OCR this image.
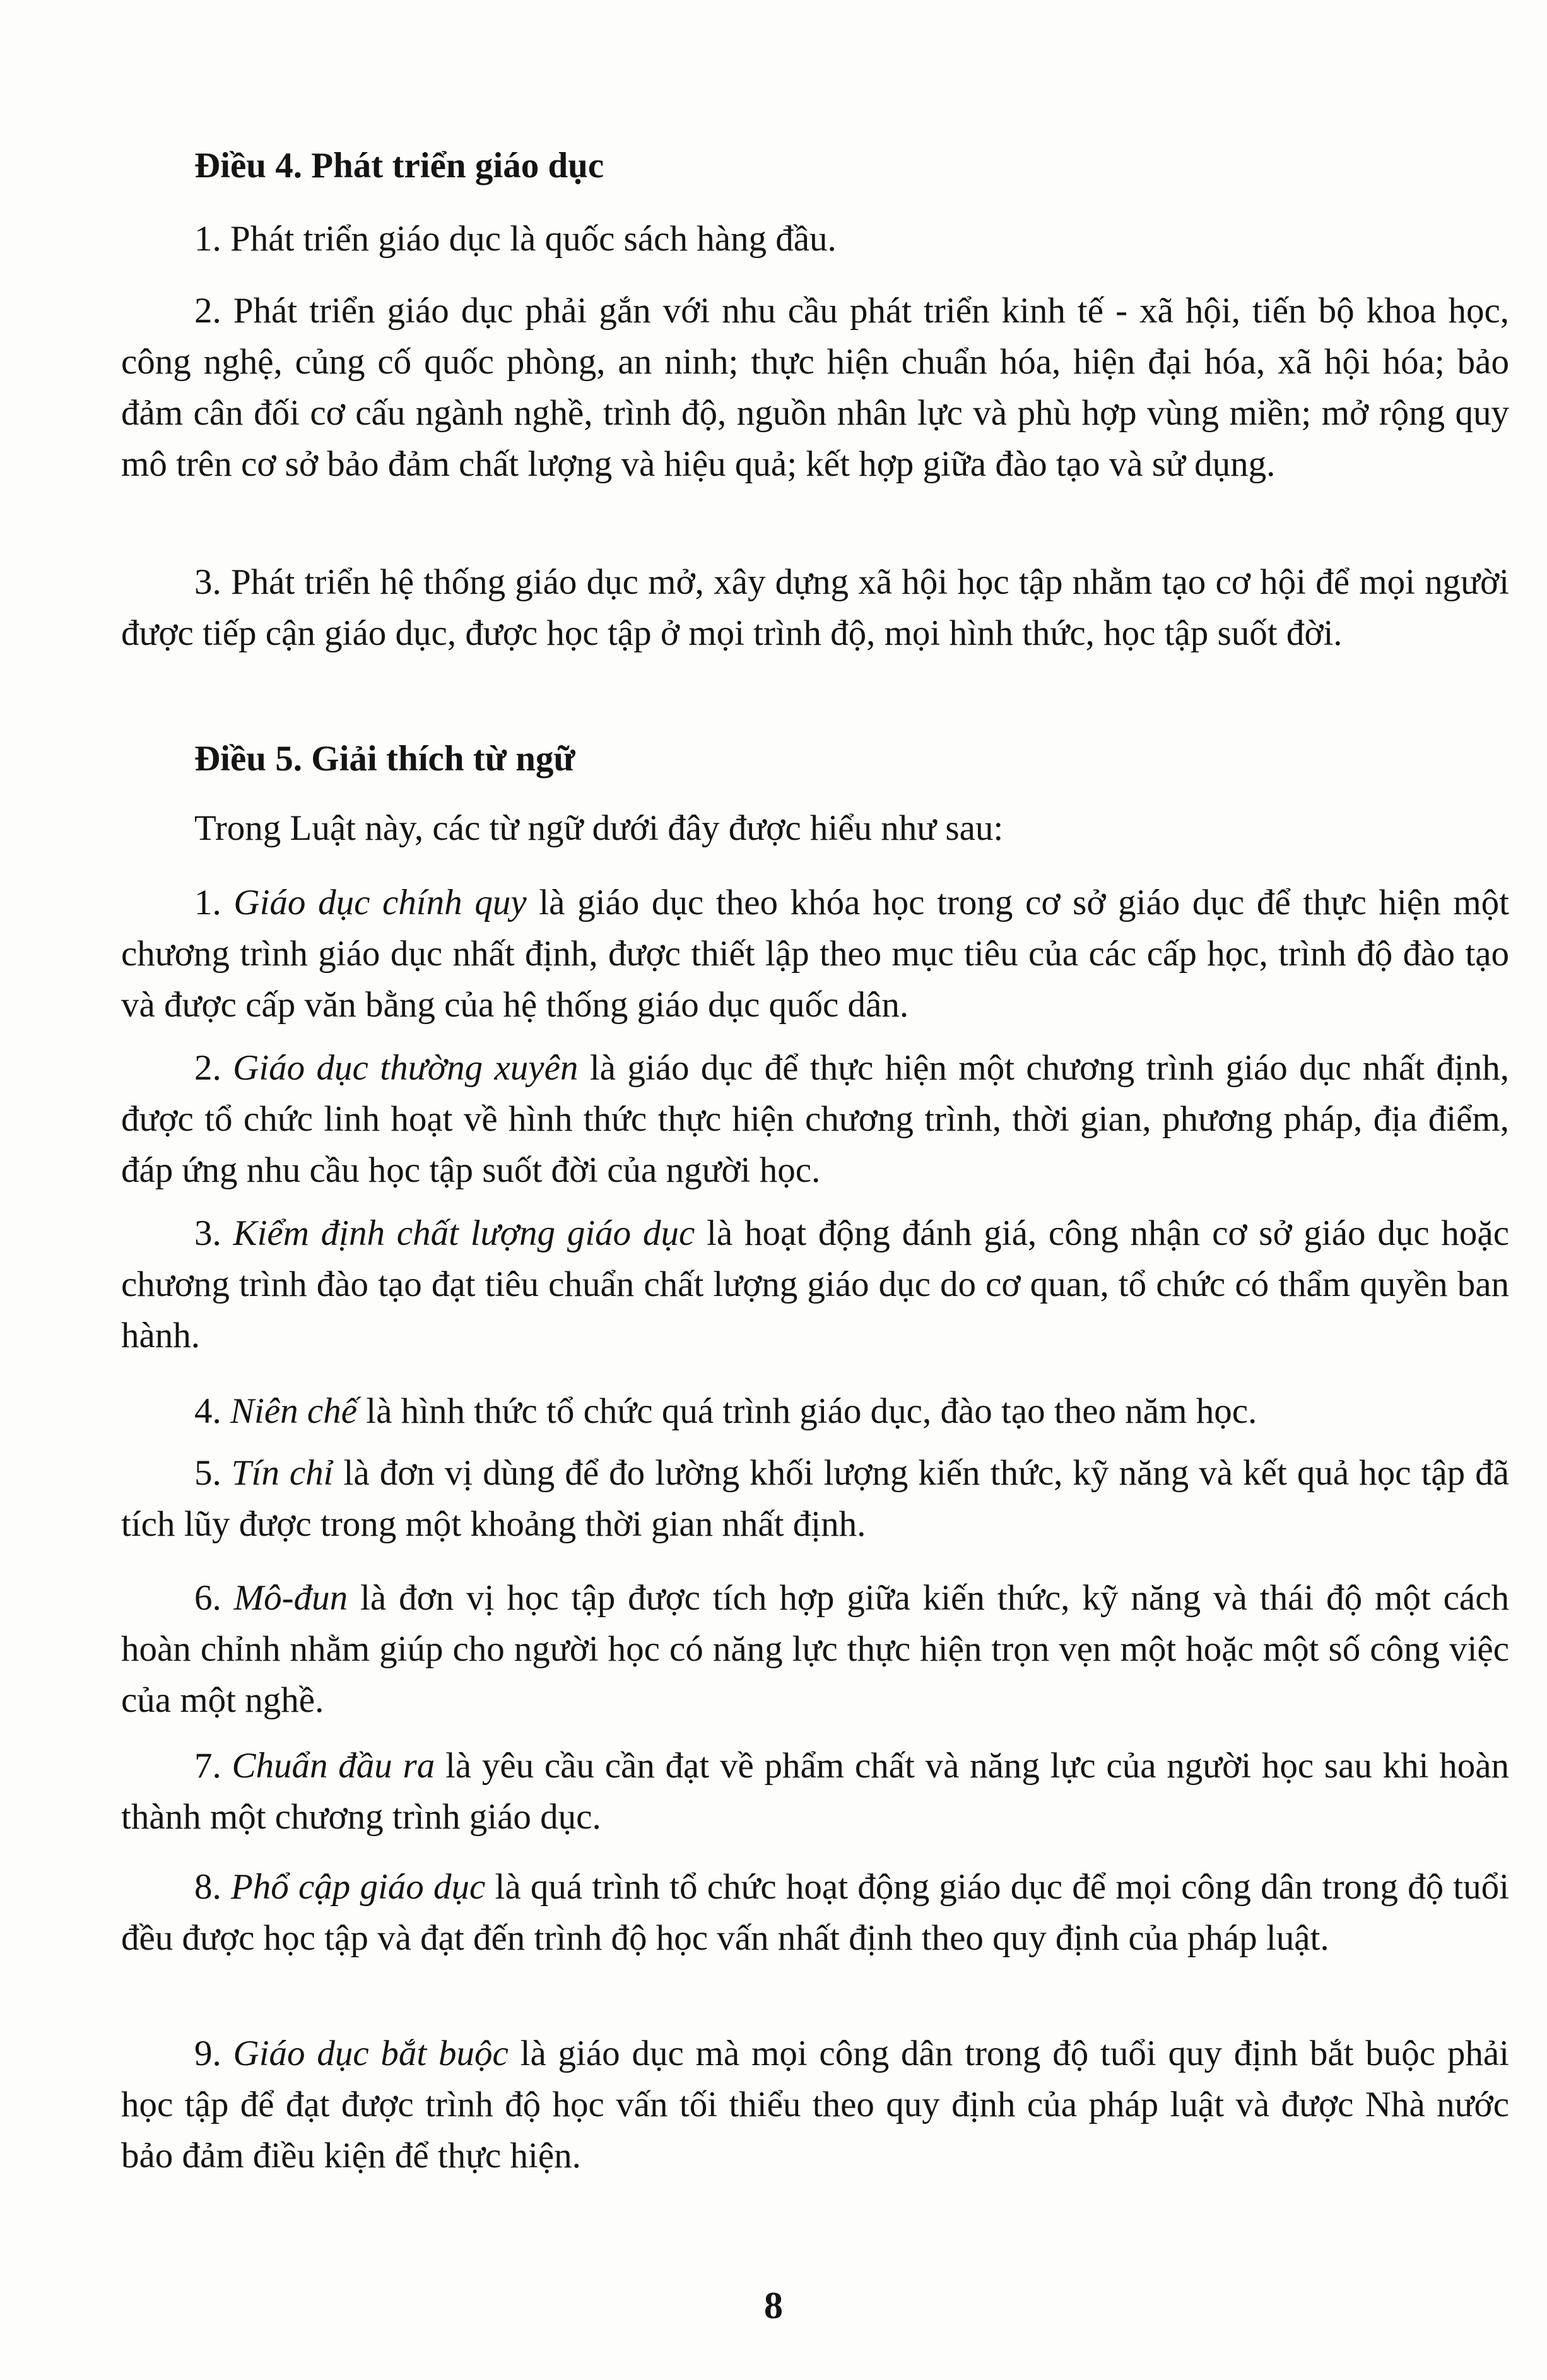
Điều 4. Phát triển giáo dục

1. Phát triển giáo dục là quốc sách hàng đầu.

2. Phát triển giáo dục phải gắn với nhu cầu phát triển kinh tế - xã hội, tiến bộ khoa học, công nghệ, củng cố quốc phòng, an ninh; thực hiện chuẩn hóa, hiện đại hóa, xã hội hóa; bảo đảm cân đối cơ cấu ngành nghề, trình độ, nguồn nhân lực và phù hợp vùng miền; mở rộng quy mô trên cơ sở bảo đảm chất lượng và hiệu quả; kết hợp giữa đào tạo và sử dụng.

3. Phát triển hệ thống giáo dục mở, xây dựng xã hội học tập nhằm tạo cơ hội để mọi người được tiếp cận giáo dục, được học tập ở mọi trình độ, mọi hình thức, học tập suốt đời.

Điều 5. Giải thích từ ngữ

Trong Luật này, các từ ngữ dưới đây được hiểu như sau:

1. Giáo dục chính quy là giáo dục theo khóa học trong cơ sở giáo dục để thực hiện một chương trình giáo dục nhất định, được thiết lập theo mục tiêu của các cấp học, trình độ đào tạo và được cấp văn bằng của hệ thống giáo dục quốc dân.

2. Giáo dục thường xuyên là giáo dục để thực hiện một chương trình giáo dục nhất định, được tổ chức linh hoạt về hình thức thực hiện chương trình, thời gian, phương pháp, địa điểm, đáp ứng nhu cầu học tập suốt đời của người học.

3. Kiểm định chất lượng giáo dục là hoạt động đánh giá, công nhận cơ sở giáo dục hoặc chương trình đào tạo đạt tiêu chuẩn chất lượng giáo dục do cơ quan, tổ chức có thẩm quyền ban hành.

4. Niên chế là hình thức tổ chức quá trình giáo dục, đào tạo theo năm học.

5. Tín chỉ là đơn vị dùng để đo lường khối lượng kiến thức, kỹ năng và kết quả học tập đã tích lũy được trong một khoảng thời gian nhất định.

6. Mô-đun là đơn vị học tập được tích hợp giữa kiến thức, kỹ năng và thái độ một cách hoàn chỉnh nhằm giúp cho người học có năng lực thực hiện trọn vẹn một hoặc một số công việc của một nghề.

7. Chuẩn đầu ra là yêu cầu cần đạt về phẩm chất và năng lực của người học sau khi hoàn thành một chương trình giáo dục.

8. Phổ cập giáo dục là quá trình tổ chức hoạt động giáo dục để mọi công dân trong độ tuổi đều được học tập và đạt đến trình độ học vấn nhất định theo quy định của pháp luật.

9. Giáo dục bắt buộc là giáo dục mà mọi công dân trong độ tuổi quy định bắt buộc phải học tập để đạt được trình độ học vấn tối thiểu theo quy định của pháp luật và được Nhà nước bảo đảm điều kiện để thực hiện.

8
